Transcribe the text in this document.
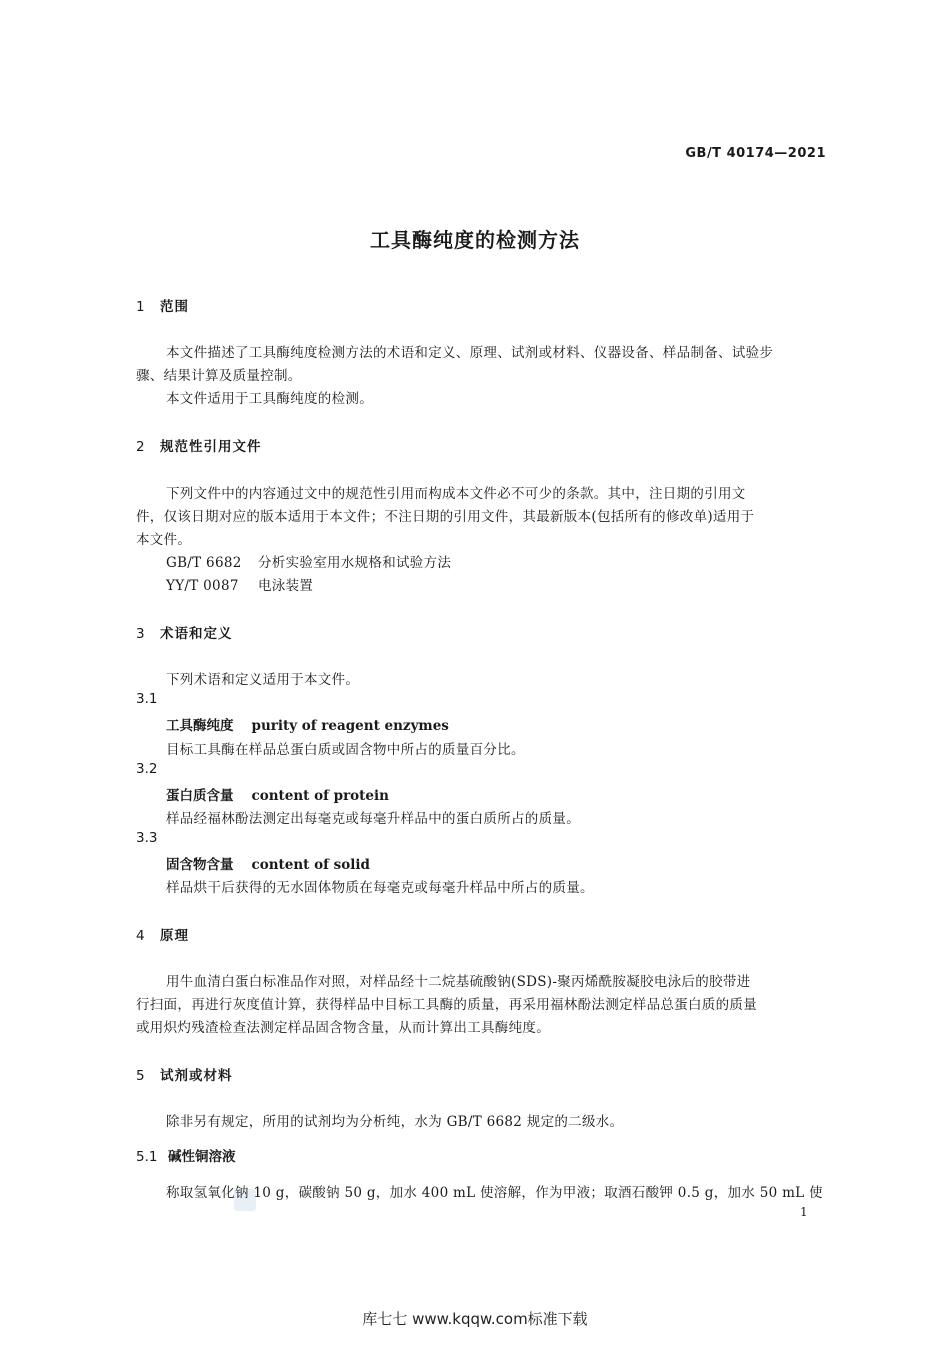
GB/T 40174—2021
工具酶纯度的检测方法
1 范围
本文件描述了工具酶纯度检测方法的术语和定义、原理、试剂或材料、仪器设备、样品制备、试验步
骤、结果计算及质量控制。
本文件适用于工具酶纯度的检测。
2 规范性引用文件
下列文件中的内容通过文中的规范性引用而构成本文件必不可少的条款。其中，注日期的引用文
件，仅该日期对应的版本适用于本文件；不注日期的引用文件，其最新版本(包括所有的修改单)适用于
本文件。
GB/T 6682 分析实验室用水规格和试验方法
YY/T 0087 电泳装置
3 术语和定义
下列术语和定义适用于本文件。
3.1
工具酶纯度 purity of reagent enzymes
目标工具酶在样品总蛋白质或固含物中所占的质量百分比。
3.2
蛋白质含量 content of protein
样品经福林酚法测定出每毫克或每毫升样品中的蛋白质所占的质量。
3.3
固含物含量 content of solid
样品烘干后获得的无水固体物质在每毫克或每毫升样品中所占的质量。
4 原理
用牛血清白蛋白标准品作对照，对样品经十二烷基硫酸钠(SDS)-聚丙烯酰胺凝胶电泳后的胶带进
行扫面，再进行灰度值计算，获得样品中目标工具酶的质量，再采用福林酚法测定样品总蛋白质的质量
或用炽灼残渣检查法测定样品固含物含量，从而计算出工具酶纯度。
5 试剂或材料
除非另有规定，所用的试剂均为分析纯，水为 GB/T 6682 规定的二级水。
5.1 碱性铜溶液
称取氢氧化钠 10 g，碳酸钠 50 g，加水 400 mL 使溶解，作为甲液；取酒石酸钾 0.5 g，加水 50 mL 使
1
库七七 www.kqqw.com标准下载
